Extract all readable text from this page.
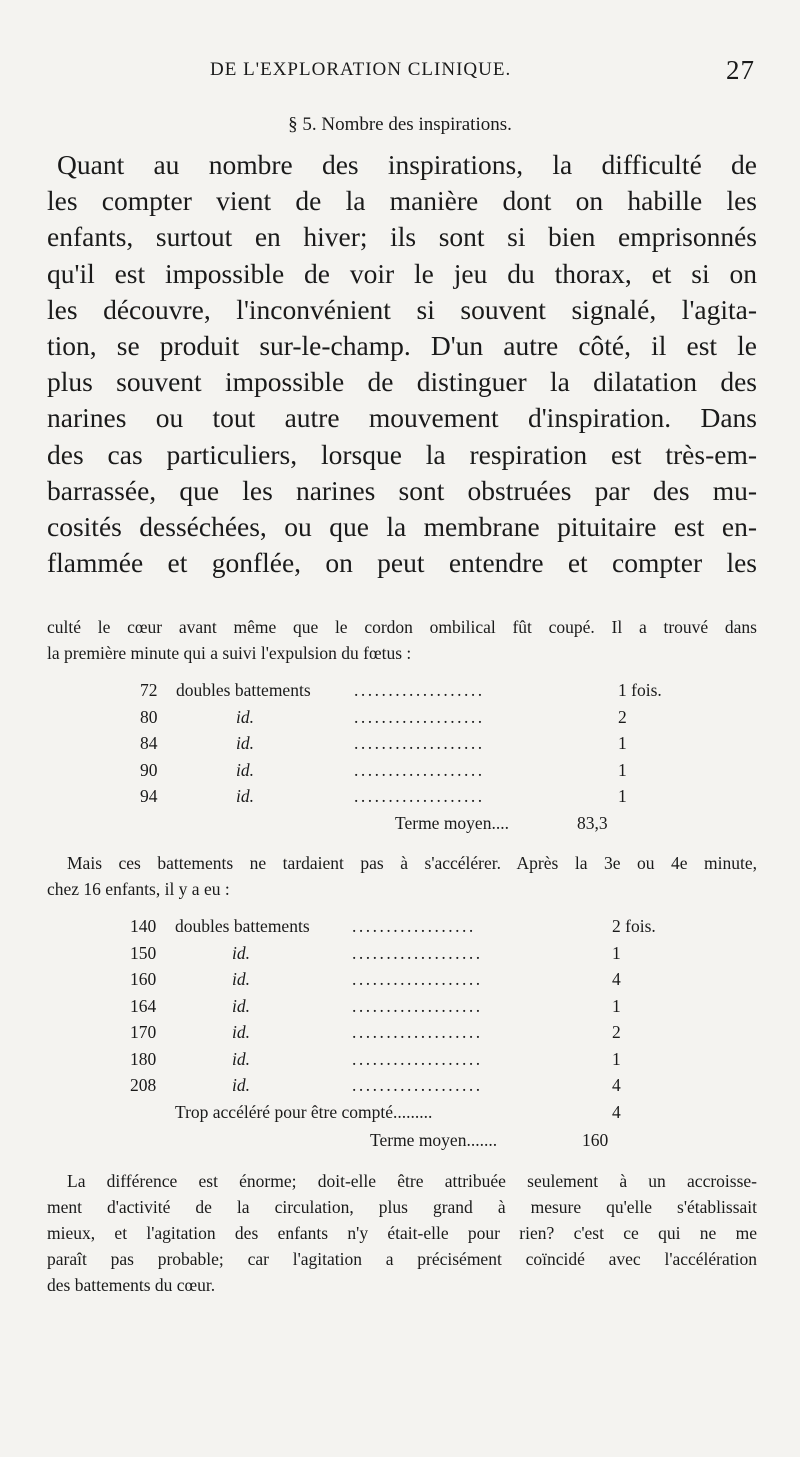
DE L'EXPLORATION CLINIQUE.	27
§ 5. Nombre des inspirations.
Quant au nombre des inspirations, la difficulté de
les compter vient de la manière dont on habille les
enfants, surtout en hiver; ils sont si bien emprisonnés
qu'il est impossible de voir le jeu du thorax, et si on
les découvre, l'inconvénient si souvent signalé, l'agita-
tion, se produit sur-le-champ. D'un autre côté, il est le
plus souvent impossible de distinguer la dilatation des
narines ou tout autre mouvement d'inspiration. Dans
des cas particuliers, lorsque la respiration est très-em-
barrassée, que les narines sont obstruées par des mu-
cosités desséchées, ou que la membrane pituitaire est en-
flammée et gonflée, on peut entendre et compter les
culté le cœur avant même que le cordon ombilical fût coupé. Il a trouvé dans
la première minute qui a suivi l'expulsion du fœtus :
72 doubles battements ...................	1 fois.
80	id.	...................	2
84	id.	...................	1
90	id.	...................	1
94	id.	...................	1
Terme moyen....	83,3
Mais ces battements ne tardaient pas à s'accélérer. Après la 3e ou 4e minute,
chez 16 enfants, il y a eu :
140 doubles battements ..................	2 fois.
150	id.	...................	1
160	id.	...................	4
164	id.	...................	1
170	id.	...................	2
180	id.	...................	1
208	id.	...................	4
Trop accéléré pour être compté.........	4
Terme moyen.......	160
La différence est énorme; doit-elle être attribuée seulement à un accroisse-
ment d'activité de la circulation, plus grand à mesure qu'elle s'établissait
mieux, et l'agitation des enfants n'y était-elle pour rien? c'est ce qui ne me
paraît pas probable; car l'agitation a précisément coïncidé avec l'accélération
des battements du cœur.
